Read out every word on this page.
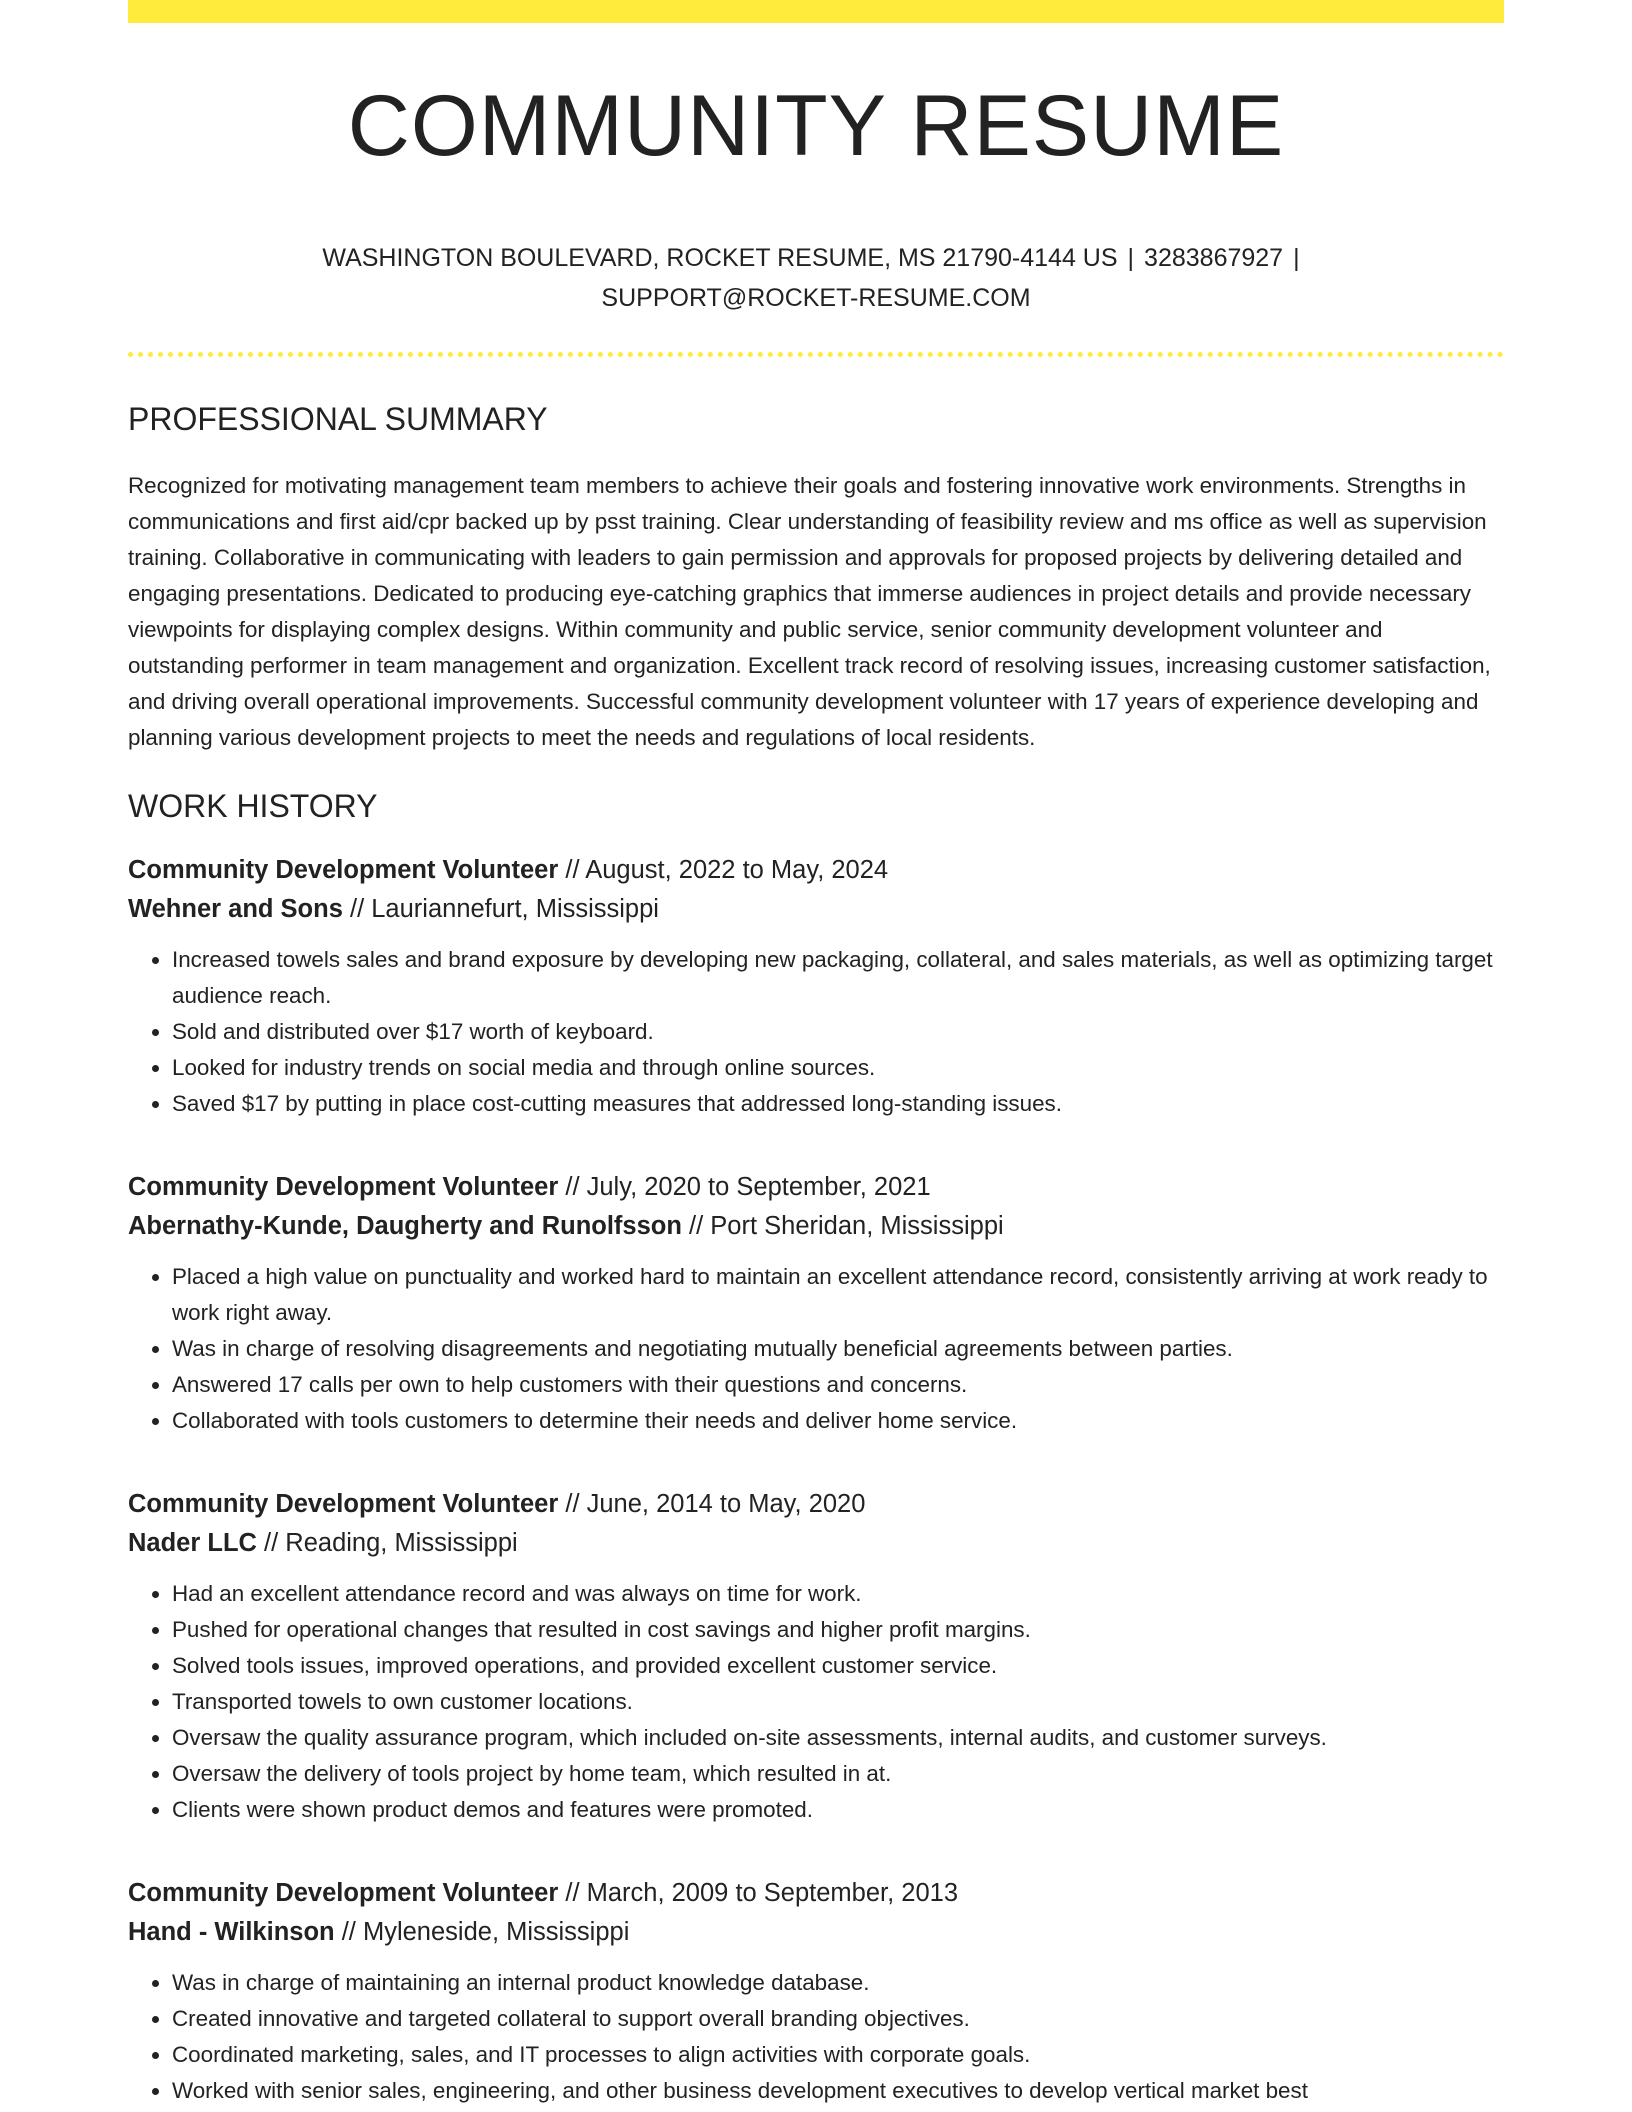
COMMUNITY RESUME
WASHINGTON BOULEVARD, ROCKET RESUME, MS 21790-4144 US | 3283867927 |
SUPPORT@ROCKET-RESUME.COM
PROFESSIONAL SUMMARY

Recognized for motivating management team members to achieve their goals and fostering innovative work environments. Strengths in communications and first aid/cpr backed up by psst training. Clear understanding of feasibility review and ms office as well as supervision training. Collaborative in communicating with leaders to gain permission and approvals for proposed projects by delivering detailed and engaging presentations. Dedicated to producing eye-catching graphics that immerse audiences in project details and provide necessary viewpoints for displaying complex designs. Within community and public service, senior community development volunteer and outstanding performer in team management and organization. Excellent track record of resolving issues, increasing customer satisfaction, and driving overall operational improvements. Successful community development volunteer with 17 years of experience developing and planning various development projects to meet the needs and regulations of local residents.

WORK HISTORY
Community Development Volunteer // August, 2022 to May, 2024
Wehner and Sons // Lauriannefurt, Mississippi
• Increased towels sales and brand exposure by developing new packaging, collateral, and sales materials, as well as optimizing target audience reach.
• Sold and distributed over $17 worth of keyboard.
• Looked for industry trends on social media and through online sources.
• Saved $17 by putting in place cost-cutting measures that addressed long-standing issues.
Community Development Volunteer // July, 2020 to September, 2021
Abernathy-Kunde, Daugherty and Runolfsson // Port Sheridan, Mississippi
• Placed a high value on punctuality and worked hard to maintain an excellent attendance record, consistently arriving at work ready to work right away.
• Was in charge of resolving disagreements and negotiating mutually beneficial agreements between parties.
• Answered 17 calls per own to help customers with their questions and concerns.
• Collaborated with tools customers to determine their needs and deliver home service.
Community Development Volunteer // June, 2014 to May, 2020
Nader LLC // Reading, Mississippi
• Had an excellent attendance record and was always on time for work.
• Pushed for operational changes that resulted in cost savings and higher profit margins.
• Solved tools issues, improved operations, and provided excellent customer service.
• Transported towels to own customer locations.
• Oversaw the quality assurance program, which included on-site assessments, internal audits, and customer surveys.
• Oversaw the delivery of tools project by home team, which resulted in at.
• Clients were shown product demos and features were promoted.
Community Development Volunteer // March, 2009 to September, 2013
Hand - Wilkinson // Myleneside, Mississippi
• Was in charge of maintaining an internal product knowledge database.
• Created innovative and targeted collateral to support overall branding objectives.
• Coordinated marketing, sales, and IT processes to align activities with corporate goals.
• Worked with senior sales, engineering, and other business development executives to develop vertical market best
